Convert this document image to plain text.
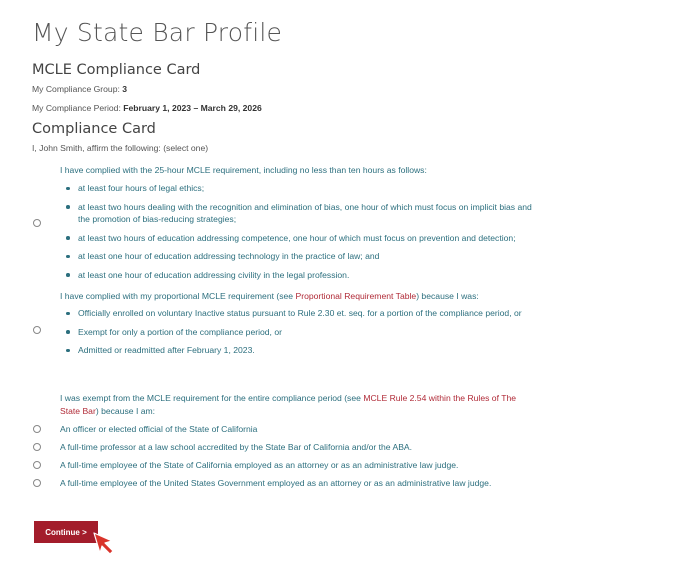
My State Bar Profile
MCLE Compliance Card
My Compliance Group: 3
My Compliance Period: February 1, 2023 – March 29, 2026
Compliance Card
I, John Smith, affirm the following: (select one)
I have complied with the 25-hour MCLE requirement, including no less than ten hours as follows:
at least four hours of legal ethics;
at least two hours dealing with the recognition and elimination of bias, one hour of which must focus on implicit bias and the promotion of bias-reducing strategies;
at least two hours of education addressing competence, one hour of which must focus on prevention and detection;
at least one hour of education addressing technology in the practice of law; and
at least one hour of education addressing civility in the legal profession.
I have complied with my proportional MCLE requirement (see Proportional Requirement Table) because I was:
Officially enrolled on voluntary Inactive status pursuant to Rule 2.30 et. seq. for a portion of the compliance period, or
Exempt for only a portion of the compliance period, or
Admitted or readmitted after February 1, 2023.
I was exempt from the MCLE requirement for the entire compliance period (see MCLE Rule 2.54 within the Rules of The State Bar) because I am:
An officer or elected official of the State of California
A full-time professor at a law school accredited by the State Bar of California and/or the ABA.
A full-time employee of the State of California employed as an attorney or as an administrative law judge.
A full-time employee of the United States Government employed as an attorney or as an administrative law judge.
Continue >
